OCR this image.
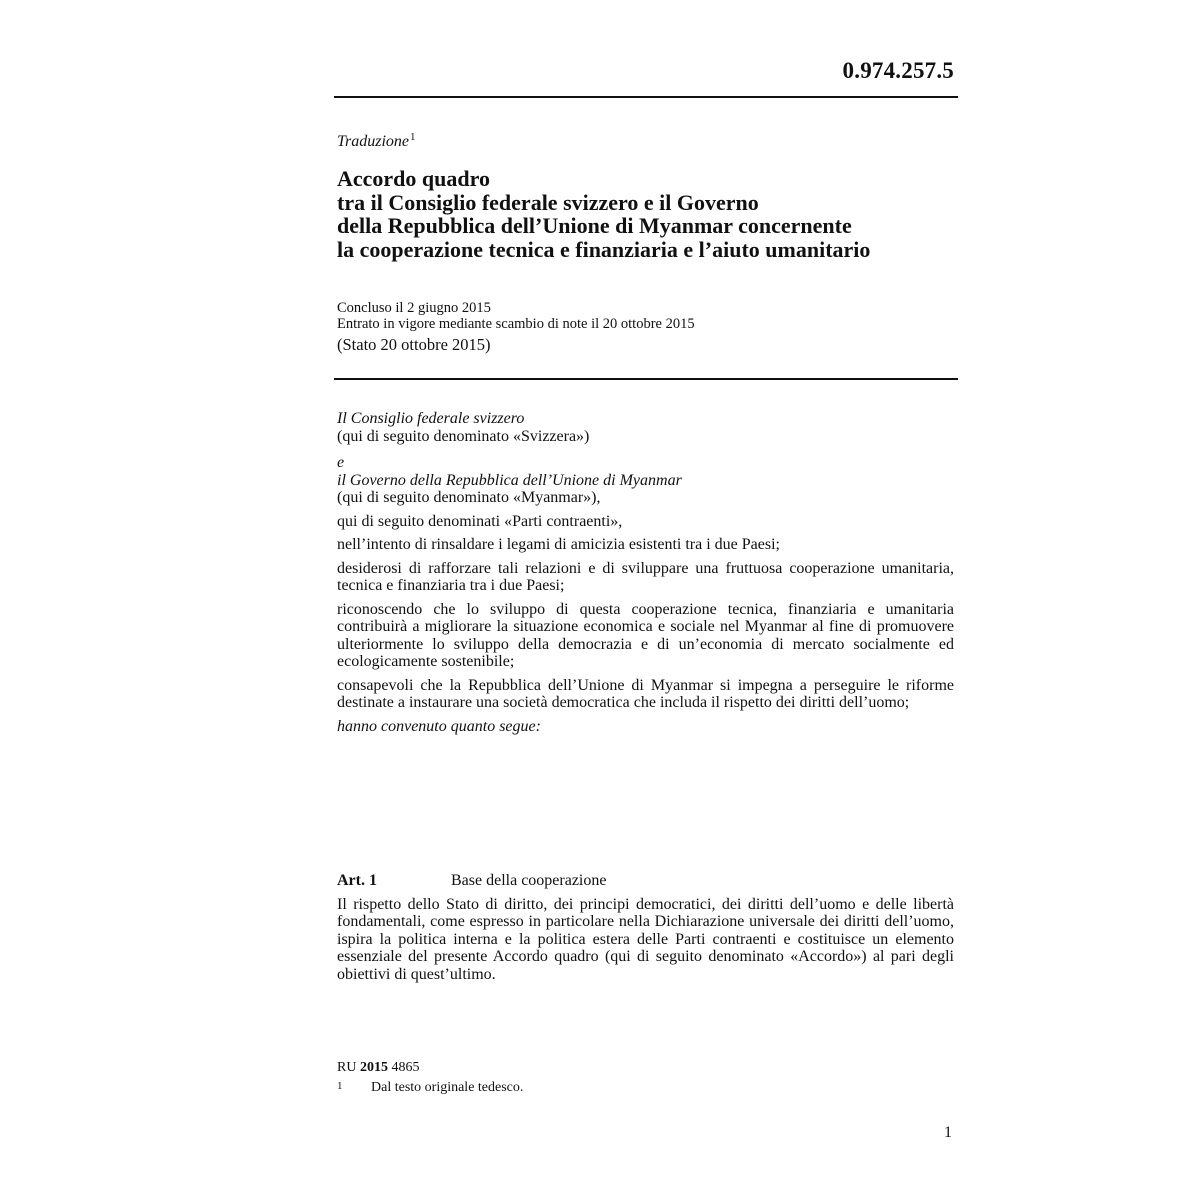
0.974.257.5
Traduzione$^1$
Accordo quadro
tra il Consiglio federale svizzero e il Governo
della Repubblica dell’Unione di Myanmar concernente
la cooperazione tecnica e finanziaria e l’aiuto umanitario
Concluso il 2 giugno 2015
Entrato in vigore mediante scambio di note il 20 ottobre 2015
(Stato 20 ottobre 2015)

Il Consiglio federale svizzero

(qui di seguito denominato «Svizzera»)

e

il Governo della Repubblica dell’Unione di Myanmar

(qui di seguito denominato «Myanmar»),

qui di seguito denominati «Parti contraenti»,

nell’intento di rinsaldare i legami di amicizia esistenti tra i due Paesi;

desiderosi di rafforzare tali relazioni e di sviluppare una fruttuosa cooperazione umanitaria, tecnica e finanziaria tra i due Paesi;

riconoscendo che lo sviluppo di questa cooperazione tecnica, finanziaria e umanitaria contribuirà a migliorare la situazione economica e sociale nel Myanmar al fine di promuovere ulteriormente lo sviluppo della democrazia e di un’economia di mercato socialmente ed ecologicamente sostenibile;

consapevoli che la Repubblica dell’Unione di Myanmar si impegna a perseguire le riforme destinate a instaurare una società democratica che includa il rispetto dei diritti dell’uomo;

hanno convenuto quanto segue:

Art. 1	Base della cooperazione

Il rispetto dello Stato di diritto, dei principi democratici, dei diritti dell’uomo e delle libertà fondamentali, come espresso in particolare nella Dichiarazione universale dei diritti dell’uomo, ispira la politica interna e la politica estera delle Parti contraenti e costituisce un elemento essenziale del presente Accordo quadro (qui di seguito denominato «Accordo») al pari degli obiettivi di quest’ultimo.

RU 2015 4865
1	Dal testo originale tedesco.
1
